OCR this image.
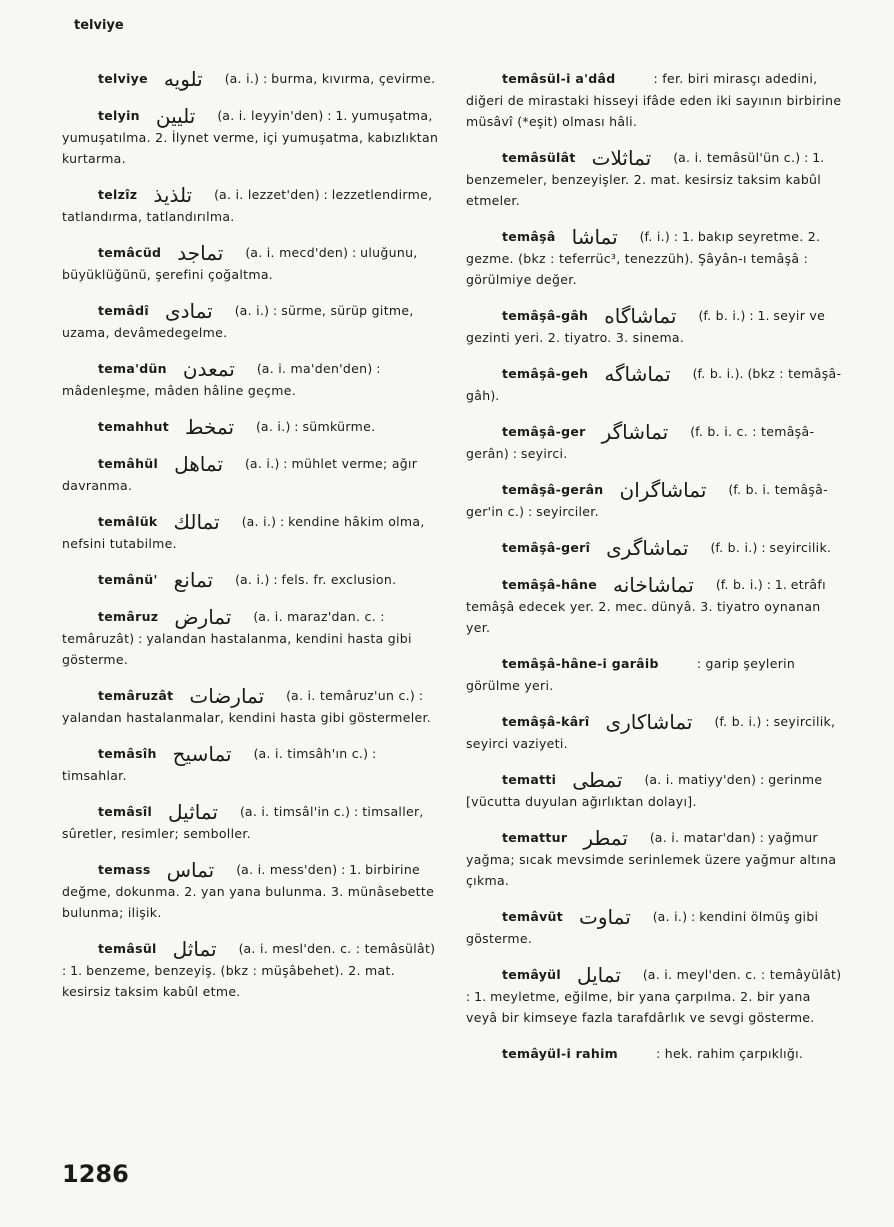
telviye
telviye تلويه (a. i.) : burma, kıvırma, çevirme.
telyin تليين (a. i. leyyin'den) : 1. yumuşatma, yumuşatılma. 2. İlynet verme, içi yumuşatma, kabızlıktan kurtarma.
telzîz تلذيذ (a. i. lezzet'den) : lezzetlendirme, tatlandırma, tatlandırılma.
temâcüd تماجد (a. i. mecd'den) : uluğunu, büyüklüğünü, şerefini çoğaltma.
temâdî تمادى (a. i.) : sürme, sürüp gitme, uzama, devâmedegelme.
tema'dün تمعدن (a. i. ma'den'den) : mâdenleşme, mâden hâline geçme.
temahhut تمخط (a. i.) : sümkürme.
temâhül تماهل (a. i.) : mühlet verme; ağır davranma.
temâlük تمالك (a. i.) : kendine hâkim olma, nefsini tutabilme.
temânü' تمانع (a. i.) : fels. fr. exclusion.
temâruz تمارض (a. i. maraz'dan. c. : temâruzât) : yalandan hastalanma, kendini hasta gibi gösterme.
temâruzât تمارضات (a. i. temâruz'un c.) : yalandan hastalanmalar, kendini hasta gibi göstermeler.
temâsîh تماسيح (a. i. timsâh'ın c.) : timsahlar.
temâsîl تماثيل (a. i. timsâl'in c.) : timsaller, sûretler, resimler; semboller.
temass تماس (a. i. mess'den) : 1. birbirine değme, dokunma. 2. yan yana bulunma. 3. münâsebette bulunma; ilişik.
temâsül تماثل (a. i. mesl'den. c. : temâsülât) : 1. benzeme, benzeyiş. (bkz : müşâbehet). 2. mat. kesirsiz taksim kabûl etme.
temâsül-i a'dâd	: fer. biri mirasçı adedini, diğeri de mirastaki hisseyi ifâde eden iki sayının birbirine müsâvî (*eşit) olması hâli.
temâsülât تماثلات (a. i. temâsül'ün c.) : 1. benzemeler, benzeyişler. 2. mat. kesirsiz taksim kabûl etmeler.
temâşâ تماشا (f. i.) : 1. bakıp seyretme. 2. gezme. (bkz : teferrüc³, tenezzüh). Şâyân-ı temâşâ : görülmiye değer.
temâşâ-gâh تماشاگاه (f. b. i.) : 1. seyir ve gezinti yeri. 2. tiyatro. 3. sinema.
temâşâ-geh تماشاگه (f. b. i.). (bkz : temâşâ-gâh).
temâşâ-ger تماشاگر (f. b. i. c. : temâşâ-gerân) : seyirci.
temâşâ-gerân تماشاگران (f. b. i. temâşâ-ger'in c.) : seyirciler.
temâşâ-gerî تماشاگرى (f. b. i.) : seyircilik.
temâşâ-hâne تماشاخانه (f. b. i.) : 1. etrâfı temâşâ edecek yer. 2. mec. dünyâ. 3. tiyatro oynanan yer.
temâşâ-hâne-i garâib	: garip şeylerin görülme yeri.
temâşâ-kârî تماشاكارى (f. b. i.) : seyircilik, seyirci vaziyeti.
tematti تمطى (a. i. matiyy'den) : gerinme [vücutta duyulan ağırlıktan dolayı].
temattur تمطر (a. i. matar'dan) : yağmur yağma; sıcak mevsimde serinlemek üzere yağmur altına çıkma.
temâvüt تماوت (a. i.) : kendini ölmüş gibi gösterme.
temâyül تمايل (a. i. meyl'den. c. : temâyülât) : 1. meyletme, eğilme, bir yana çarpılma. 2. bir yana veyâ bir kimseye fazla tarafdârlık ve sevgi gösterme.
temâyül-i rahim	: hek. rahim çarpıklığı.
1286
